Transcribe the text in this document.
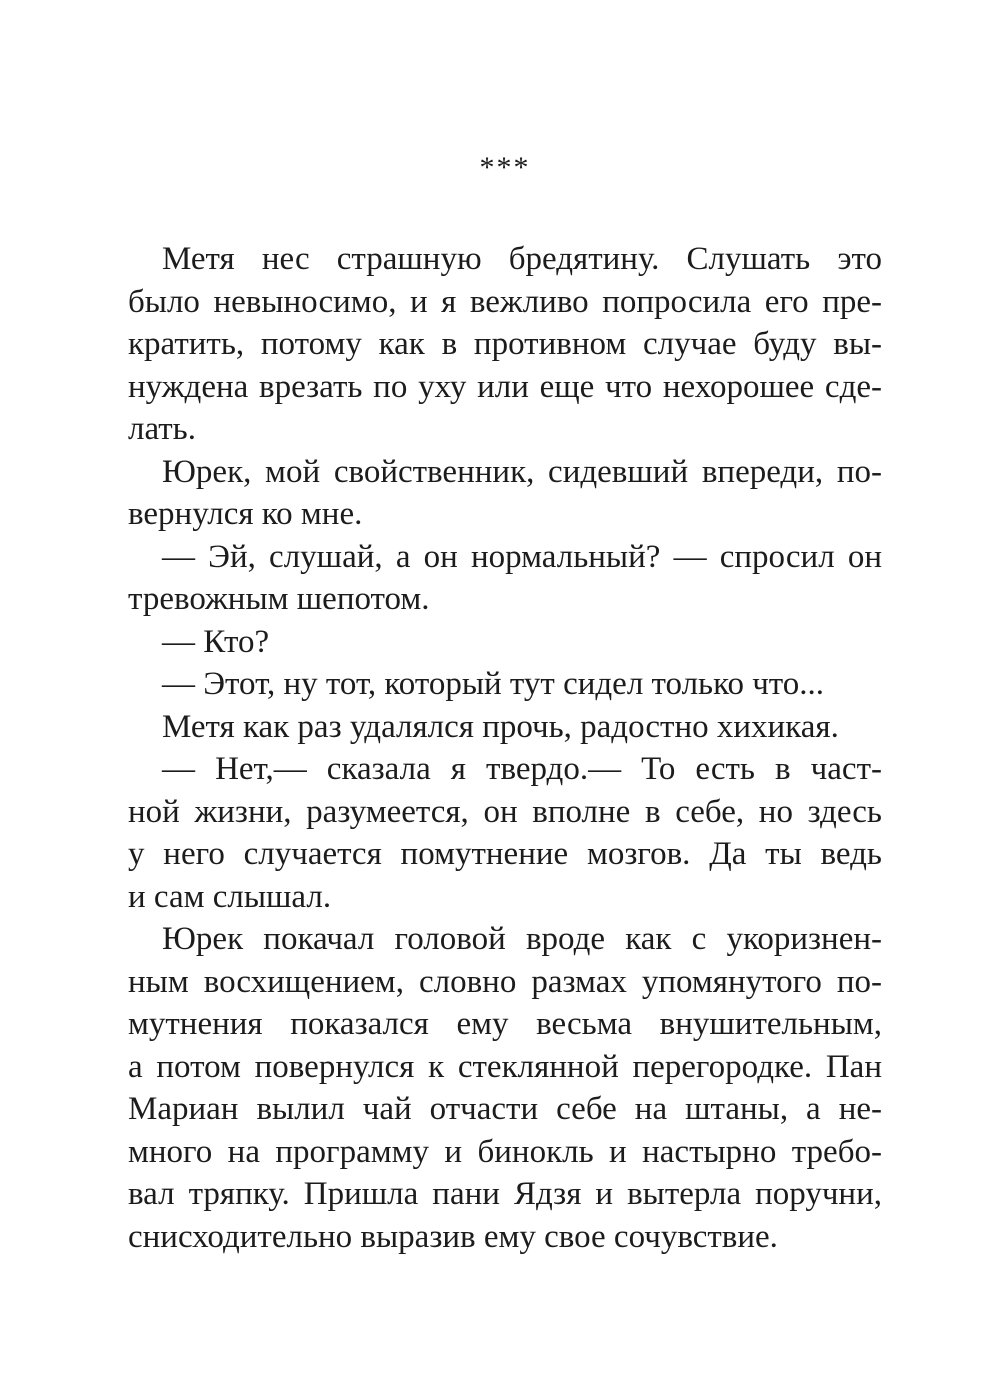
***
Метя нес страшную бредятину. Слушать это
было невыносимо, и я вежливо попросила его пре-
кратить, потому как в противном случае буду вы-
нуждена врезать по уху или еще что нехорошее сде-
лать.
Юрек, мой свойственник, сидевший впереди, по-
вернулся ко мне.
— Эй, слушай, а он нормальный? — спросил он
тревожным шепотом.
— Кто?
— Этот, ну тот, который тут сидел только что...
Метя как раз удалялся прочь, радостно хихикая.
— Нет,— сказала я твердо.— То есть в част-
ной жизни, разумеется, он вполне в себе, но здесь
у него случается помутнение мозгов. Да ты ведь
и сам слышал.
Юрек покачал головой вроде как с укоризнен-
ным восхищением, словно размах упомянутого по-
мутнения показался ему весьма внушительным,
а потом повернулся к стеклянной перегородке. Пан
Мариан вылил чай отчасти себе на штаны, а не-
много на программу и бинокль и настырно требо-
вал тряпку. Пришла пани Ядзя и вытерла поручни,
снисходительно выразив ему свое сочувствие.
